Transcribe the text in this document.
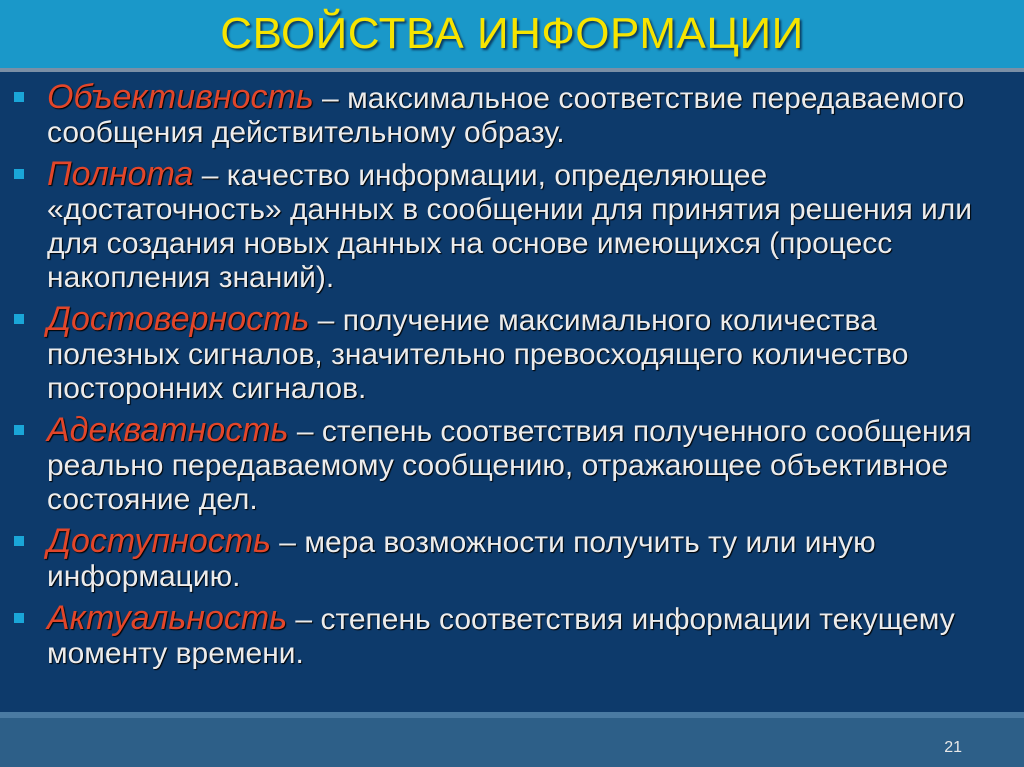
СВОЙСТВА ИНФОРМАЦИИ
Объективность – максимальное соответствие передаваемого сообщения действительному образу.
Полнота – качество информации, определяющее «достаточность» данных в сообщении для принятия решения или для создания новых данных на основе имеющихся (процесс накопления знаний).
Достоверность – получение максимального количества полезных сигналов, значительно превосходящего количество посторонних сигналов.
Адекватность – степень соответствия полученного сообщения реально передаваемому сообщению, отражающее объективное состояние дел.
Доступность – мера возможности получить ту или иную информацию.
Актуальность – степень соответствия информации текущему моменту времени.
21
